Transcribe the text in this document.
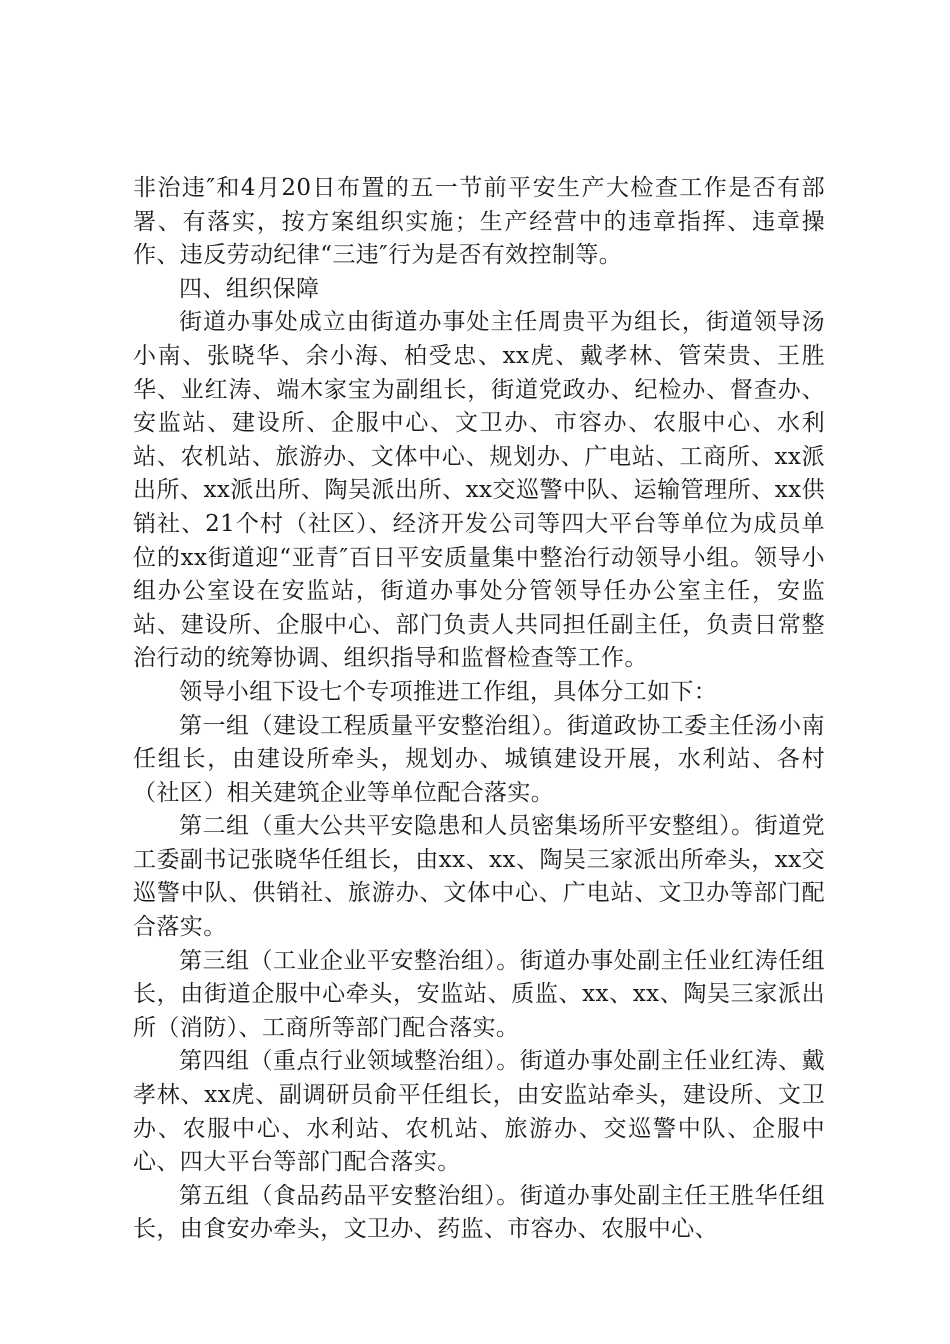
非治违″和4月20日布置的五一节前平安生产大检查工作是否有部署、有落实，按方案组织实施；生产经营中的违章指挥、违章操作、违反劳动纪律“三违″行为是否有效控制等。

四、组织保障

街道办事处成立由街道办事处主任周贵平为组长，街道领导汤小南、张晓华、余小海、柏受忠、xx虎、戴孝林、管荣贵、王胜华、业红涛、端木家宝为副组长，街道党政办、纪检办、督查办、安监站、建设所、企服中心、文卫办、市容办、农服中心、水利站、农机站、旅游办、文体中心、规划办、广电站、工商所、xx派出所、xx派出所、陶吴派出所、xx交巡警中队、运输管理所、xx供销社、21个村（社区）、经济开发公司等四大平台等单位为成员单位的xx街道迎“亚青″百日平安质量集中整治行动领导小组。领导小组办公室设在安监站，街道办事处分管领导任办公室主任，安监站、建设所、企服中心、部门负责人共同担任副主任，负责日常整治行动的统筹协调、组织指导和监督检查等工作。

领导小组下设七个专项推进工作组，具体分工如下：

第一组（建设工程质量平安整治组）。街道政协工委主任汤小南任组长，由建设所牵头，规划办、城镇建设开展，水利站、各村（社区）相关建筑企业等单位配合落实。

第二组（重大公共平安隐患和人员密集场所平安整组）。街道党工委副书记张晓华任组长，由xx、xx、陶吴三家派出所牵头，xx交巡警中队、供销社、旅游办、文体中心、广电站、文卫办等部门配合落实。

第三组（工业企业平安整治组）。街道办事处副主任业红涛任组长，由街道企服中心牵头，安监站、质监、xx、xx、陶吴三家派出所（消防）、工商所等部门配合落实。

第四组（重点行业领域整治组）。街道办事处副主任业红涛、戴孝林、xx虎、副调研员俞平任组长，由安监站牵头，建设所、文卫办、农服中心、水利站、农机站、旅游办、交巡警中队、企服中心、四大平台等部门配合落实。

第五组（食品药品平安整治组）。街道办事处副主任王胜华任组长，由食安办牵头，文卫办、药监、市容办、农服中心、
